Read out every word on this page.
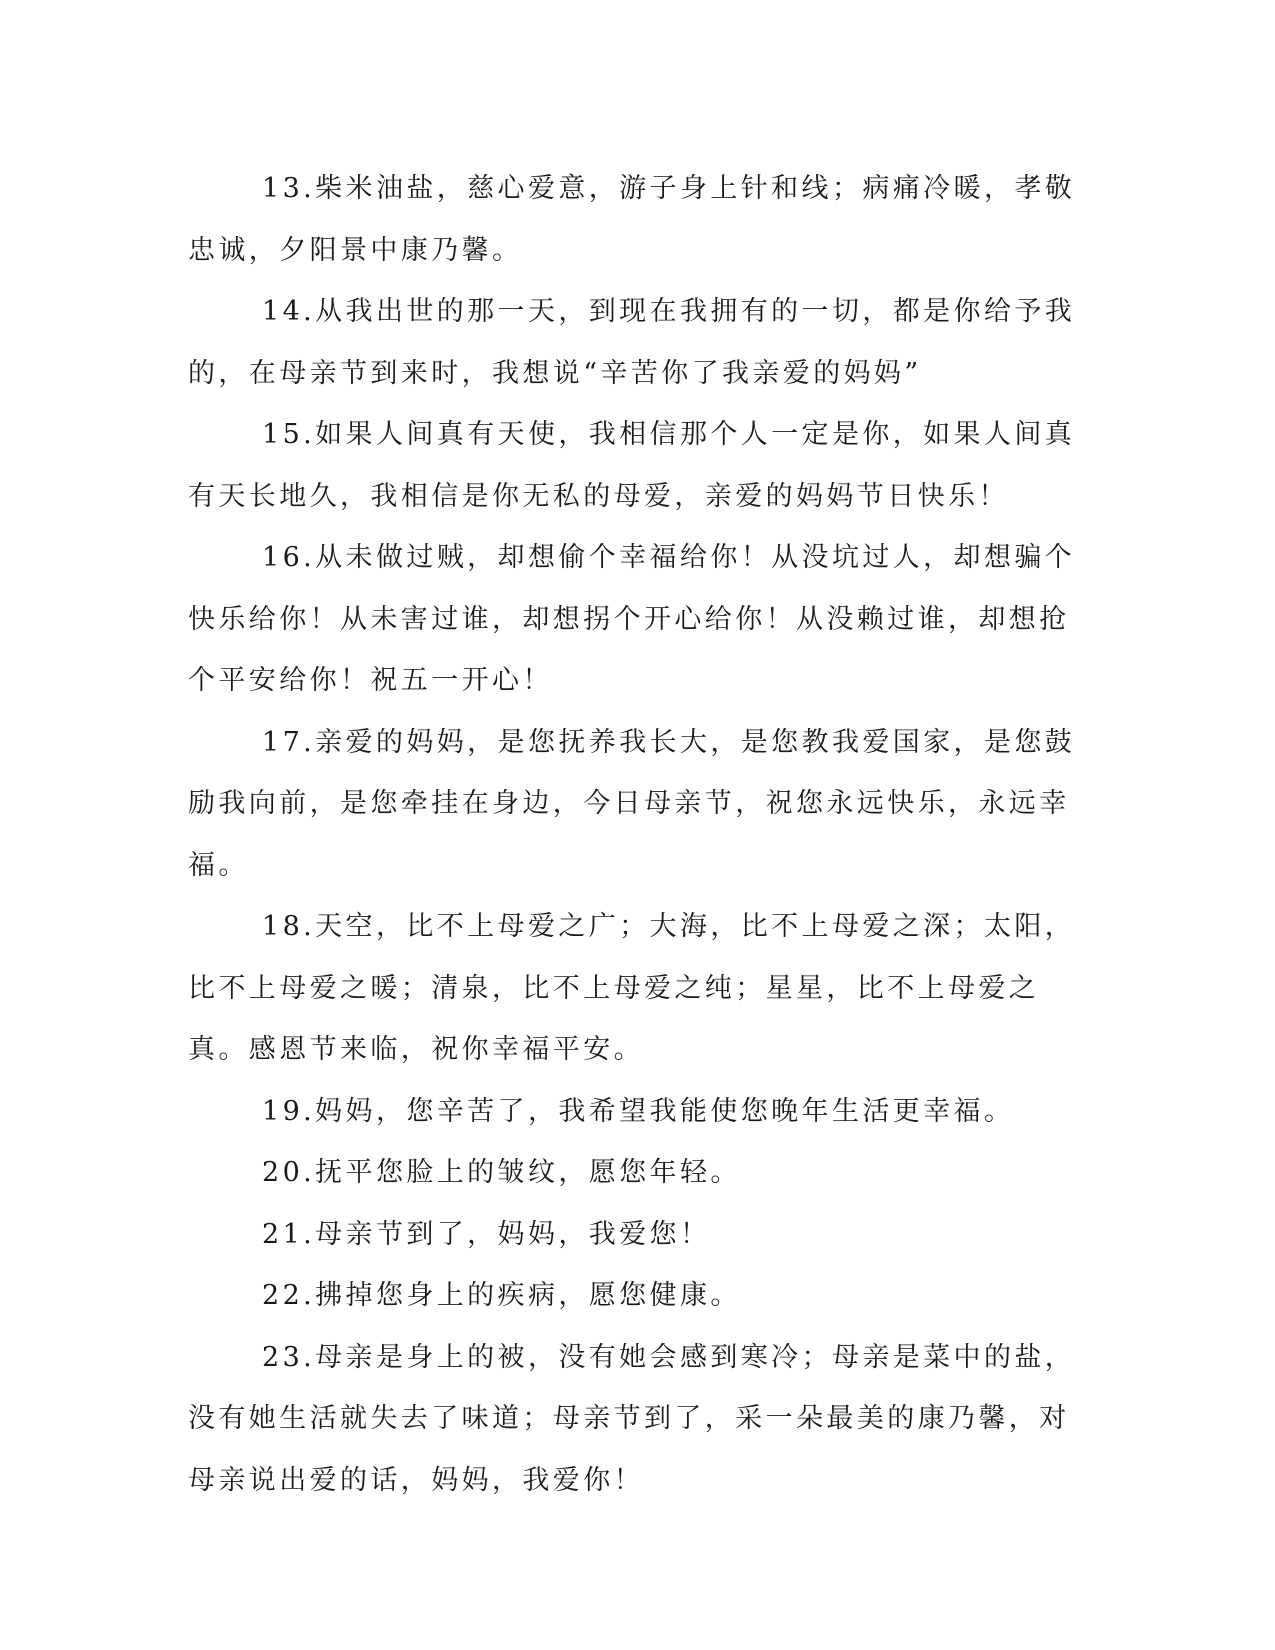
13.柴米油盐，慈心爱意，游子身上针和线；病痛冷暖，孝敬忠诚，夕阳景中康乃馨。

14.从我出世的那一天，到现在我拥有的一切，都是你给予我的，在母亲节到来时，我想说“辛苦你了我亲爱的妈妈”

15.如果人间真有天使，我相信那个人一定是你，如果人间真有天长地久，我相信是你无私的母爱，亲爱的妈妈节日快乐！

16.从未做过贼，却想偷个幸福给你！从没坑过人，却想骗个快乐给你！从未害过谁，却想拐个开心给你！从没赖过谁，却想抢个平安给你！祝五一开心！

17.亲爱的妈妈，是您抚养我长大，是您教我爱国家，是您鼓励我向前，是您牵挂在身边，今日母亲节，祝您永远快乐，永远幸福。

18.天空，比不上母爱之广；大海，比不上母爱之深；太阳，比不上母爱之暖；清泉，比不上母爱之纯；星星，比不上母爱之真。感恩节来临，祝你幸福平安。

19.妈妈，您辛苦了，我希望我能使您晚年生活更幸福。

20.抚平您脸上的皱纹，愿您年轻。

21.母亲节到了，妈妈，我爱您！

22.拂掉您身上的疾病，愿您健康。

23.母亲是身上的被，没有她会感到寒冷；母亲是菜中的盐，没有她生活就失去了味道；母亲节到了，采一朵最美的康乃馨，对母亲说出爱的话，妈妈，我爱你！
